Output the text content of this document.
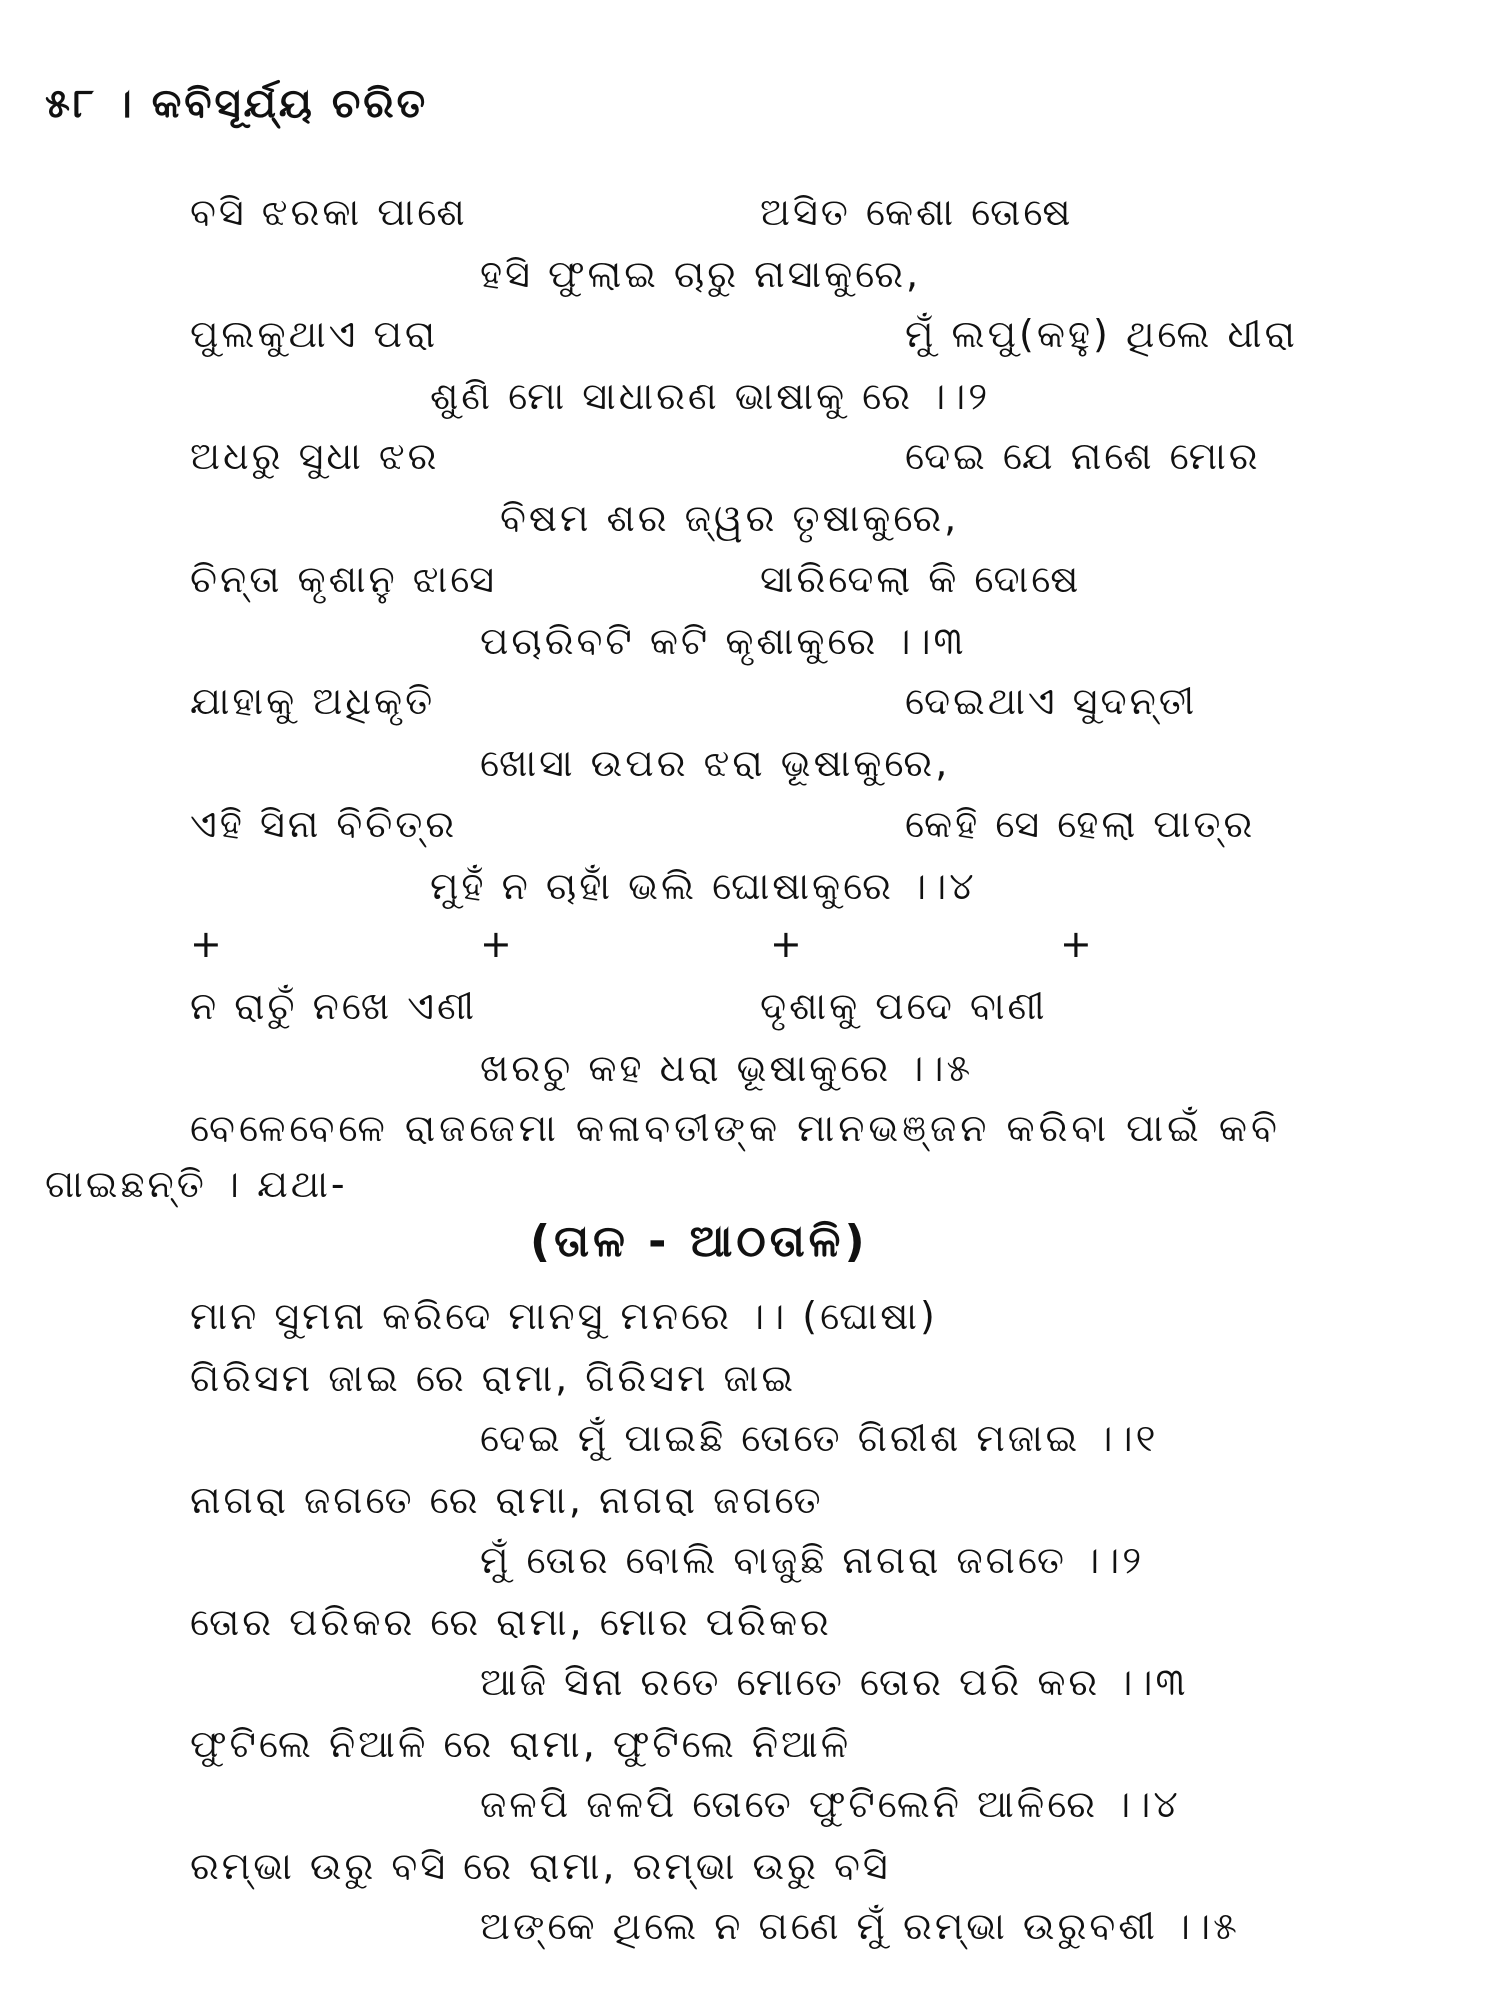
୫୮ । କବିସୂର୍ଯ୍ୟ ଚରିତ
ବସି ଝରକା ପାଶେ	ଅସିତ କେଶା ତୋଷେ
ହସି ଫୁଲାଇ ଚାରୁ ନାସାକୁରେ,
ପୁଲକୁଥାଏ ପରା	ମୁଁ ଲପୁ(କହୁ) ଥିଲେ ଧୀରା
ଶୁଣି ମୋ ସାଧାରଣ ଭାଷାକୁ ରେ ।।୨
ଅଧରୁ ସୁଧା ଝର	ଦେଇ ଯେ ନାଶେ ମୋର
ବିଷମ ଶର ଜ୍ୱର ତୃଷାକୁରେ,
ଚିନ୍ତା କୃଶାନୁ ଝାସେ	ସାରିଦେଲା କି ଦୋଷେ
ପଚାରିବଟି କଟି କୃଶାକୁରେ ।।୩
ଯାହାକୁ ଅଧିକୃତି	ଦେଇଥାଏ ସୁଦନ୍ତୀ
ଖୋସା ଉପର ଝରା ଭୂଷାକୁରେ,
ଏହି ସିନା ବିଚିତ୍ର	କେହି ସେ ହେଲା ପାତ୍ର
ମୁହଁ ନ ଚାହାଁ ଭଲି ଘୋଷାକୁରେ ।।୪
+	+	+	+
ନ ରାଚୁଁ ନଖେ ଏଣୀ	ଦୃଶାକୁ ପଦେ ବାଣୀ
ଖରଚୁ କହ ଧରା ଭୂଷାକୁରେ ।।୫
ବେଳେବେଳେ ରାଜଜେମା କଳାବତୀଙ୍କ ମାନଭଞ୍ଜନ କରିବା ପାଇଁ କବି
ଗାଇଛନ୍ତି । ଯଥା-
(ତାଳ - ଆଠତାଳି)
ମାନ ସୁମନା କରିଦେ ମାନସୁ ମନରେ ।। (ଘୋଷା)
ଗିରିସମ ଜାଇ ରେ ରାମା, ଗିରିସମ ଜାଇ
ଦେଇ ମୁଁ ପାଇଛି ତୋତେ ଗିରୀଶ ମଜାଇ ।।୧
ନାଗରା ଜଗତେ ରେ ରାମା, ନାଗରା ଜଗତେ
ମୁଁ ତୋର ବୋଲି ବାଜୁଛି ନାଗରା ଜଗତେ ।।୨
ତୋର ପରିକର ରେ ରାମା, ମୋର ପରିକର
ଆଜି ସିନା ରତେ ମୋତେ ତୋର ପରି କର ।।୩
ଫୁଟିଲେ ନିଆଳି ରେ ରାମା, ଫୁଟିଲେ ନିଆଳି
ଜଳପି ଜଳପି ତୋତେ ଫୁଟିଲେନି ଆଳିରେ ।।୪
ରମ୍ଭା ଉରୁ ବସି ରେ ରାମା, ରମ୍ଭା ଉରୁ ବସି
ଅଙ୍କେ ଥିଲେ ନ ଗଣେ ମୁଁ ରମ୍ଭା ଉରୁବଶୀ ।।୫
